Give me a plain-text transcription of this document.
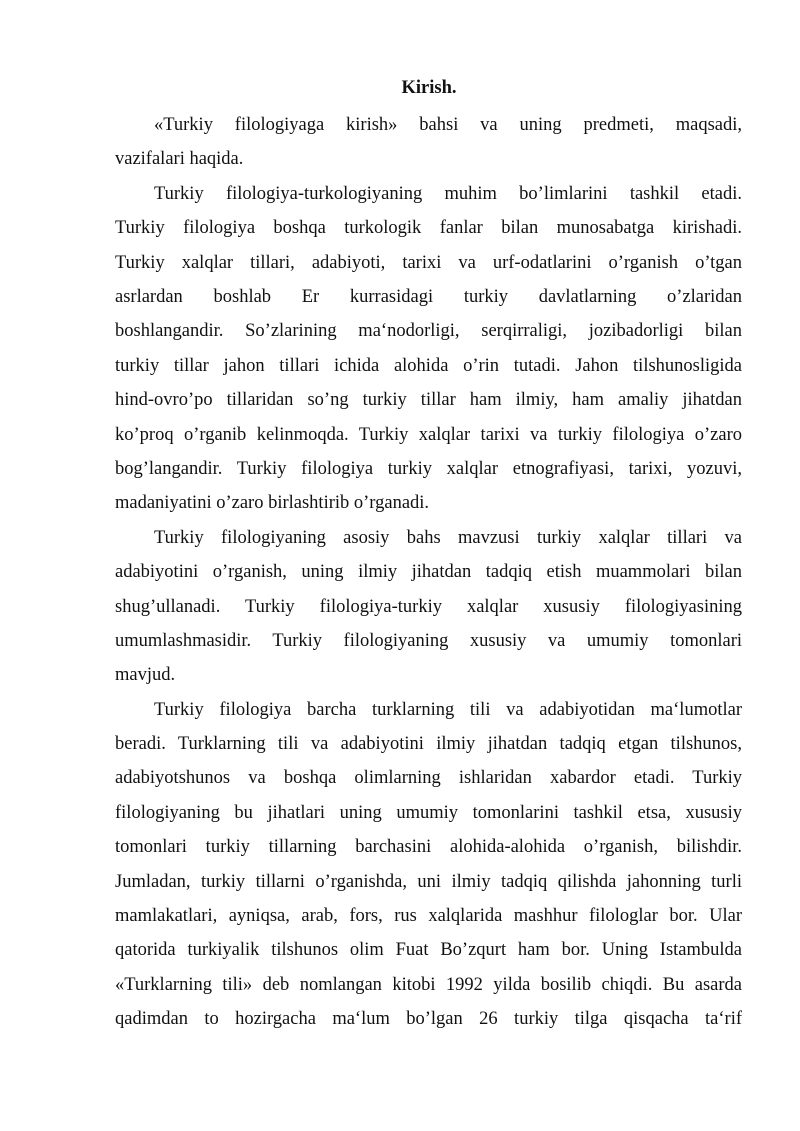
Kirish.
«Turkiy filologiyaga kirish» bahsi va uning predmeti, maqsadi,
vazifalari haqida.
Turkiy filologiya-turkologiyaning muhim bo’limlarini tashkil etadi.
Turkiy filologiya boshqa turkologik fanlar bilan munosabatga kirishadi.
Turkiy xalqlar tillari, adabiyoti, tarixi va urf-odatlarini o’rganish o’tgan
asrlardan boshlab Er kurrasidagi turkiy davlatlarning o’zlaridan
boshlangandir. So’zlarining ma‘nodorligi, serqirraligi, jozibadorligi bilan
turkiy tillar jahon tillari ichida alohida o’rin tutadi. Jahon tilshunosligida
hind-ovro’po tillaridan so’ng turkiy tillar ham ilmiy, ham amaliy jihatdan
ko’proq o’rganib kelinmoqda. Turkiy xalqlar tarixi va turkiy filologiya o’zaro
bog’langandir. Turkiy filologiya turkiy xalqlar etnografiyasi, tarixi, yozuvi,
madaniyatini o’zaro birlashtirib o’rganadi.
Turkiy filologiyaning asosiy bahs mavzusi turkiy xalqlar tillari va
adabiyotini o’rganish, uning ilmiy jihatdan tadqiq etish muammolari bilan
shug’ullanadi. Turkiy filologiya-turkiy xalqlar xususiy filologiyasining
umumlashmasidir. Turkiy filologiyaning xususiy va umumiy tomonlari
mavjud.
Turkiy filologiya barcha turklarning tili va adabiyotidan ma‘lumotlar
beradi. Turklarning tili va adabiyotini ilmiy jihatdan tadqiq etgan tilshunos,
adabiyotshunos va boshqa olimlarning ishlaridan xabardor etadi. Turkiy
filologiyaning bu jihatlari uning umumiy tomonlarini tashkil etsa, xususiy
tomonlari turkiy tillarning barchasini alohida-alohida o’rganish, bilishdir.
Jumladan, turkiy tillarni o’rganishda, uni ilmiy tadqiq qilishda jahonning turli
mamlakatlari, ayniqsa, arab, fors, rus xalqlarida mashhur filologlar bor. Ular
qatorida turkiyalik tilshunos olim Fuat Bo’zqurt ham bor. Uning Istambulda
«Turklarning tili» deb nomlangan kitobi 1992 yilda bosilib chiqdi. Bu asarda
qadimdan to hozirgacha ma‘lum bo’lgan 26 turkiy tilga qisqacha ta‘rif
